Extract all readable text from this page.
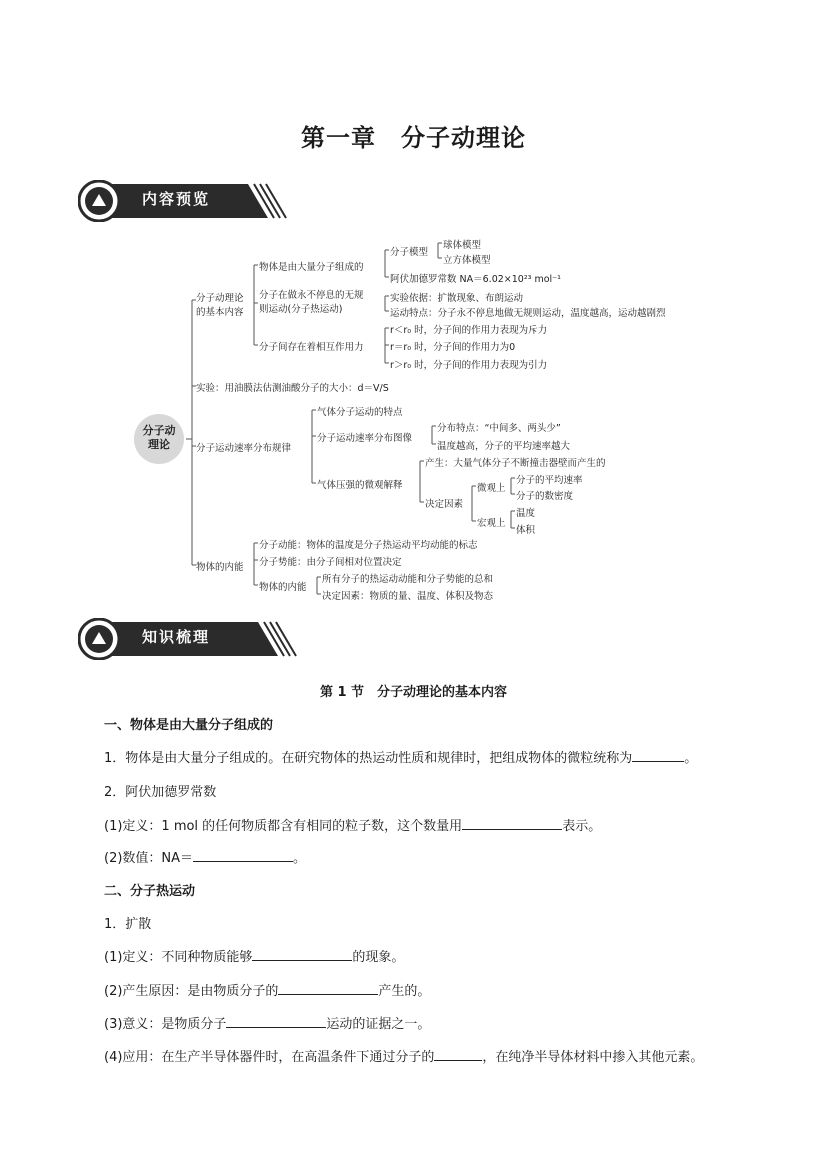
第一章　分子动理论
内容预览
分子动
理论
分子动理论
的基本内容
物体是由大量分子组成的
分子模型
球体模型
立方体模型
阿伏加德罗常数 NA＝6.02×10²³ mol⁻¹
分子在做永不停息的无规
则运动(分子热运动)
实验依据：扩散现象、布朗运动
运动特点：分子永不停息地做无规则运动，温度越高，运动越剧烈
分子间存在着相互作用力
r＜r₀ 时，分子间的作用力表现为斥力
r＝r₀ 时，分子间的作用力为0
r＞r₀ 时，分子间的作用力表现为引力
实验：用油膜法估测油酸分子的大小：d＝V/S
分子运动速率分布规律
气体分子运动的特点
分子运动速率分布图像
分布特点：“中间多、两头少”
温度越高，分子的平均速率越大
气体压强的微观解释
产生：大量气体分子不断撞击器壁而产生的
决定因素
微观上
分子的平均速率
分子的数密度
宏观上
温度
体积
物体的内能
分子动能：物体的温度是分子热运动平均动能的标志
分子势能：由分子间相对位置决定
物体的内能
所有分子的热运动动能和分子势能的总和
决定因素：物质的量、温度、体积及物态
知识梳理
第 1 节　分子动理论的基本内容
一、物体是由大量分子组成的
1．物体是由大量分子组成的。在研究物体的热运动性质和规律时，把组成物体的微粒统称为	。
2．阿伏加德罗常数
(1)定义：1 mol 的任何物质都含有相同的粒子数，这个数量用	表示。
(2)数值：NA＝	。
二、分子热运动
1．扩散
(1)定义：不同种物质能够	的现象。
(2)产生原因：是由物质分子的	产生的。
(3)意义：是物质分子	运动的证据之一。
(4)应用：在生产半导体器件时，在高温条件下通过分子的	，在纯净半导体材料中掺入其他元素。
